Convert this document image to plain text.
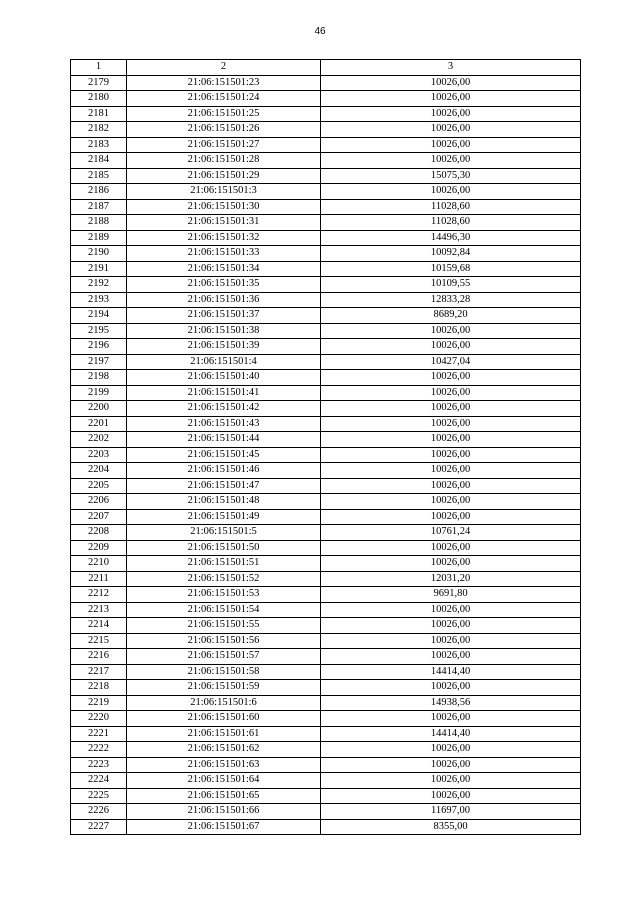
46
1	2	3
2179	21:06:151501:23	10026,00
2180	21:06:151501:24	10026,00
2181	21:06:151501:25	10026,00
2182	21:06:151501:26	10026,00
2183	21:06:151501:27	10026,00
2184	21:06:151501:28	10026,00
2185	21:06:151501:29	15075,30
2186	21:06:151501:3	10026,00
2187	21:06:151501:30	11028,60
2188	21:06:151501:31	11028,60
2189	21:06:151501:32	14496,30
2190	21:06:151501:33	10092,84
2191	21:06:151501:34	10159,68
2192	21:06:151501:35	10109,55
2193	21:06:151501:36	12833,28
2194	21:06:151501:37	8689,20
2195	21:06:151501:38	10026,00
2196	21:06:151501:39	10026,00
2197	21:06:151501:4	10427,04
2198	21:06:151501:40	10026,00
2199	21:06:151501:41	10026,00
2200	21:06:151501:42	10026,00
2201	21:06:151501:43	10026,00
2202	21:06:151501:44	10026,00
2203	21:06:151501:45	10026,00
2204	21:06:151501:46	10026,00
2205	21:06:151501:47	10026,00
2206	21:06:151501:48	10026,00
2207	21:06:151501:49	10026,00
2208	21:06:151501:5	10761,24
2209	21:06:151501:50	10026,00
2210	21:06:151501:51	10026,00
2211	21:06:151501:52	12031,20
2212	21:06:151501:53	9691,80
2213	21:06:151501:54	10026,00
2214	21:06:151501:55	10026,00
2215	21:06:151501:56	10026,00
2216	21:06:151501:57	10026,00
2217	21:06:151501:58	14414,40
2218	21:06:151501:59	10026,00
2219	21:06:151501:6	14938,56
2220	21:06:151501:60	10026,00
2221	21:06:151501:61	14414,40
2222	21:06:151501:62	10026,00
2223	21:06:151501:63	10026,00
2224	21:06:151501:64	10026,00
2225	21:06:151501:65	10026,00
2226	21:06:151501:66	11697,00
2227	21:06:151501:67	8355,00
